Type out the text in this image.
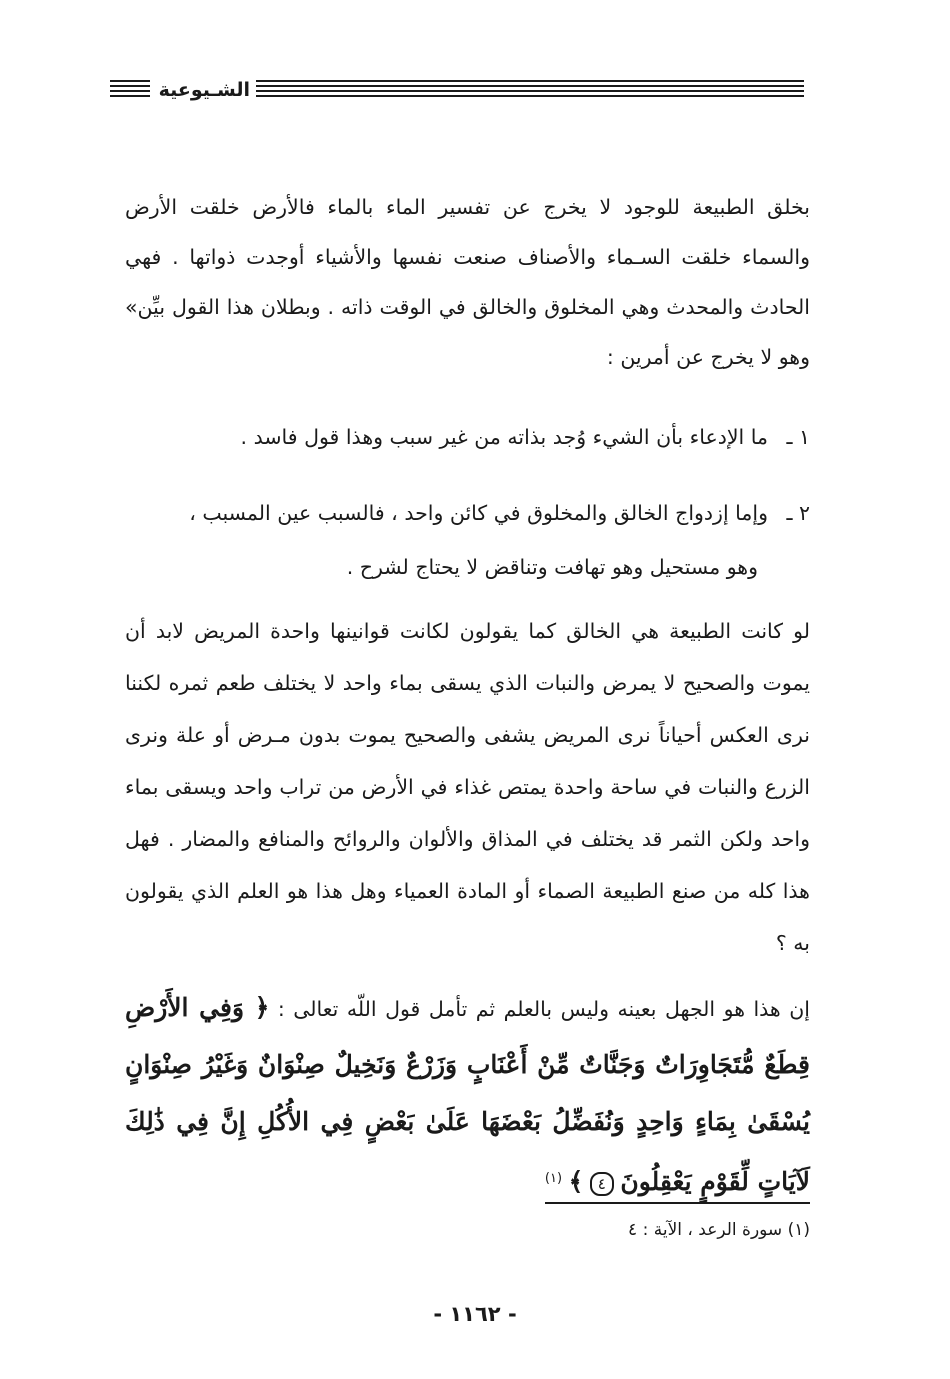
الشـيوعية
بخلق الطبيعة للوجود لا يخرج عن تفسير الماء بالماء فالأرض خلقت الأرض والسماء خلقت السـماء والأصناف صنعت نفسها والأشياء أوجدت ذواتها . فهي الحادث والمحدث وهي المخلوق والخالق في الوقت ذاته . وبطلان هذا القول بيِّن» وهو لا يخرج عن أمرين :
١ ـما الإدعاء بأن الشيء وُجد بذاته من غير سبب وهذا قول فاسد .
٢ ـوإما إزدواج الخالق والمخلوق في كائن واحد ، فالسبب عين المسبب ،
وهو مستحيل وهو تهافت وتناقض لا يحتاج لشرح .
لو كانت الطبيعة هي الخالق كما يقولون لكانت قوانينها واحدة المريض لابد أن يموت والصحيح لا يمرض والنبات الذي يسقى بماء واحد لا يختلف طعم ثمره لكننا نرى العكس أحياناً نرى المريض يشفى والصحيح يموت بدون مـرض أو علة ونرى الزرع والنبات في ساحة واحدة يمتص غذاء في الأرض من تراب واحد ويسقى بماء واحد ولكن الثمر قد يختلف في المذاق والألوان والروائح والمنافع والمضار . فهل هذا كله من صنع الطبيعة الصماء أو المادة العمياء وهل هذا هو العلم الذي يقولون به ؟
إن هذا هو الجهل بعينه وليس بالعلم ثم تأمل قول اللّه تعالى : ﴿ وَفِي الأَرْضِ قِطَعٌ مُّتَجَاوِرَاتٌ وَجَنَّاتٌ مِّنْ أَعْنَابٍ وَزَرْعٌ وَنَخِيلٌ صِنْوَانٌ وَغَيْرُ صِنْوَانٍ يُسْقَىٰ بِمَاءٍ وَاحِدٍ وَنُفَضِّلُ بَعْضَهَا عَلَىٰ بَعْضٍ فِي الأُكُلِ إِنَّ فِي ذَٰلِكَ لَآيَاتٍ لِّقَوْمٍ يَعْقِلُونَ ٤ ﴾ $^{(١)}$
(١) سورة الرعد ، الآية : ٤
- ١١٦٢ -
